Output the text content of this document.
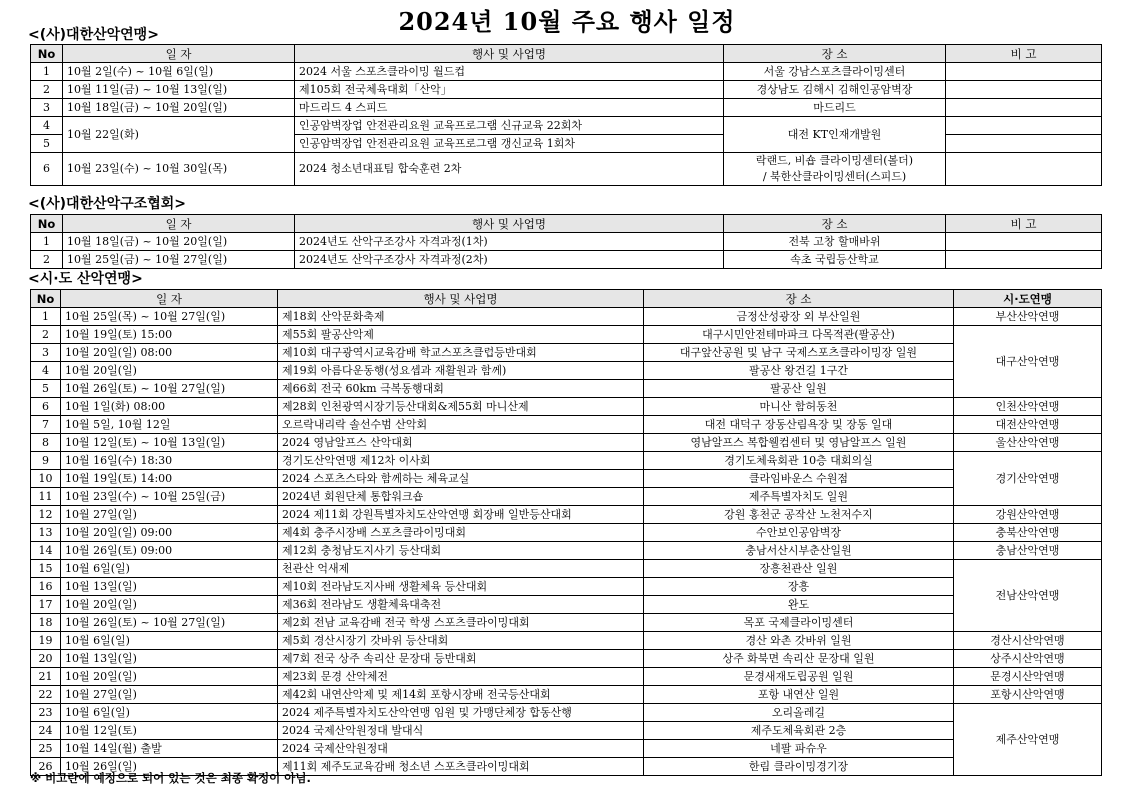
2024년 10월 주요 행사 일정
<(사)대한산악연맹>
No	일 자	행사 및 사업명	장 소	비 고
1	10월 2일(수) ~ 10월 6일(일)	2024 서울 스포츠클라이밍 월드컵	서울 강남스포츠클라이밍센터	
2	10월 11일(금) ~ 10월 13일(일)	제105회 전국체육대회「산악」	경상남도 김해시 김해인공암벽장	
3	10월 18일(금) ~ 10월 20일(일)	마드리드 4 스피드	마드리드	
4	10월 22일(화)	인공암벽장업 안전관리요원 교육프로그램 신규교육 22회차	대전 KT인재개발원	
5		인공암벽장업 안전관리요원 교육프로그램 갱신교육 1회차		
6	10월 23일(수) ~ 10월 30일(목)	2024 청소년대표팀 합숙훈련 2차	락랜드, 비숍 클라이밍센터(볼더)
/ 북한산클라이밍센터(스피드)	
<(사)대한산악구조협회>
No	일 자	행사 및 사업명	장 소	비 고
1	10월 18일(금) ~ 10월 20일(일)	2024년도 산악구조강사 자격과정(1차)	전북 고창 할매바위	
2	10월 25일(금) ~ 10월 27일(일)	2024년도 산악구조강사 자격과정(2차)	속초 국립등산학교	
<시·도 산악연맹>
No	일 자	행사 및 사업명	장 소	시·도연맹
1	10월 25일(목) ~ 10월 27일(일)	제18회 산악문화축제	금정산성광장 외 부산일원	부산산악연맹
2	10월 19일(토) 15:00	제55회 팔공산악제	대구시민안전테마파크 다목적관(팔공산)	대구산악연맹
3	10월 20일(일) 08:00	제10회 대구광역시교육감배 학교스포츠클럽등반대회	대구앞산공원 및 남구 국제스포츠클라이밍장 일원	
4	10월 20일(일)	제19회 아름다운동행(성요셉과 재활원과 함께)	팔공산 왕건길 1구간	
5	10월 26일(토) ~ 10월 27일(일)	제66회 전국 60km 극복동행대회	팔공산 일원	
6	10월 1일(화) 08:00	제28회 인천광역시장기등산대회&제55회 마니산제	마니산 함허동천	인천산악연맹
7	10월 5일, 10월 12일	오르락내리락 솔선수범 산악회	대전 대덕구 장동산림욕장 및 장동 일대	대전산악연맹
8	10월 12일(토) ~ 10월 13일(일)	2024 영남알프스 산악대회	영남알프스 복합웰컴센터 및 영남알프스 일원	울산산악연맹
9	10월 16일(수) 18:30	경기도산악연맹 제12차 이사회	경기도체육회관 10층 대회의실	경기산악연맹
10	10월 19일(토) 14:00	2024 스포츠스타와 함께하는 체육교실	클라임바운스 수원점	
11	10월 23일(수) ~ 10월 25일(금)	2024년 회원단체 통합워크숍	제주특별자치도 일원	
12	10월 27일(일)	2024 제11회 강원특별자치도산악연맹 회장배 일반등산대회	강원 홍천군 공작산 노천저수지	강원산악연맹
13	10월 20일(일) 09:00	제4회 충주시장배 스포츠클라이밍대회	수안보인공암벽장	충북산악연맹
14	10월 26일(토) 09:00	제12회 충청남도지사기 등산대회	충남서산시부춘산일원	충남산악연맹
15	10월 6일(일)	천관산 억새제	장흥천관산 일원	전남산악연맹
16	10월 13일(일)	제10회 전라남도지사배 생활체육 등산대회	장흥	
17	10월 20일(일)	제36회 전라남도 생활체육대축전	완도	
18	10월 26일(토) ~ 10월 27일(일)	제2회 전남 교육감배 전국 학생 스포츠클라이밍대회	목포 국제클라이밍센터	
19	10월 6일(일)	제5회 경산시장기 갓바위 등산대회	경산 와촌 갓바위 일원	경산시산악연맹
20	10월 13일(일)	제7회 전국 상주 속리산 문장대 등반대회	상주 화북면 속리산 문장대 일원	상주시산악연맹
21	10월 20일(일)	제23회 문경 산악체전	문경새재도립공원 일원	문경시산악연맹
22	10월 27일(일)	제42회 내연산악제 및 제14회 포항시장배 전국등산대회	포항 내연산 일원	포항시산악연맹
23	10월 6일(일)	2024 제주특별자치도산악연맹 임원 및 가맹단체장 합동산행	오리올레길	제주산악연맹
24	10월 12일(토)	2024 국제산악원정대 발대식	제주도체육회관 2층	
25	10월 14일(월) 출발	2024 국제산악원정대	네팔 파슈우	
26	10월 26일(일)	제11회 제주도교육감배 청소년 스포츠클라이밍대회	한림 클라이밍경기장	
※ 비고란에 예정으로 되어 있는 것은 최종 확정이 아님.
